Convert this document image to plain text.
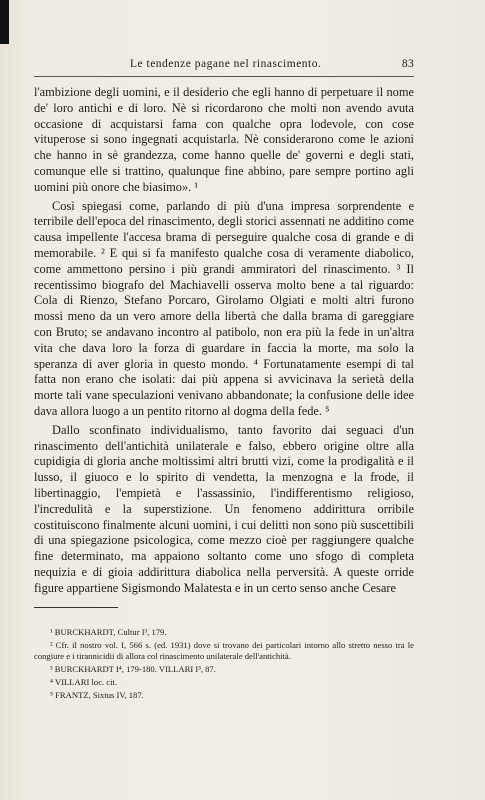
Le tendenze pagane nel rinascimento.	83

l'ambizione degli uomini, e il desiderio che egli hanno di perpetuare il nome de' loro antichi e di loro. Nè si ricordarono che molti non avendo avuta occasione di acquistarsi fama con qualche opra lodevole, con cose vituperose si sono ingegnati acquistarla. Nè considerarono come le azioni che hanno in sè grandezza, come hanno quelle de' governi e degli stati, comunque elle si trattino, qualunque fine abbino, pare sempre portino agli uomini più onore che biasimo». ¹

Così spiegasi come, parlando di più d'una impresa sorprendente e terribile dell'epoca del rinascimento, degli storici assennati ne additino come causa impellente l'accesa brama di perseguire qualche cosa di grande e di memorabile. ² E qui si fa manifesto qualche cosa di veramente diabolico, come ammettono persino i più grandi ammiratori del rinascimento. ³ Il recentissimo biografo del Machiavelli osserva molto bene a tal riguardo: Cola di Rienzo, Stefano Porcaro, Girolamo Olgiati e molti altri furono mossi meno da un vero amore della libertà che dalla brama di gareggiare con Bruto; se andavano incontro al patibolo, non era più la fede in un'altra vita che dava loro la forza di guardare in faccia la morte, ma solo la speranza di aver gloria in questo mondo. ⁴ Fortunatamente esempi di tal fatta non erano che isolati: dai più appena si avvicinava la serietà della morte tali vane speculazioni venivano abbandonate; la confusione delle idee dava allora luogo a un pentito ritorno al dogma della fede. ⁵

Dallo sconfinato individualismo, tanto favorito dai seguaci d'un rinascimento dell'antichità unilaterale e falso, ebbero origine oltre alla cupidigia di gloria anche moltissimi altri brutti vizi, come la prodigalità e il lusso, il giuoco e lo spirito di vendetta, la menzogna e la frode, il libertinaggio, l'empietà e l'assassinio, l'indifferentismo religioso, l'incredulità e la superstizione. Un fenomeno addirittura orribile costituiscono finalmente alcuni uomini, i cui delitti non sono più suscettibili di una spiegazione psicologica, come mezzo cioè per raggiungere qualche fine determinato, ma appaiono soltanto come uno sfogo di completa nequizia e di gioia addirittura diabolica nella perversità. A queste orride figure appartiene Sigismondo Malatesta e in un certo senso anche Cesare

¹ BURCKHARDT, Cultur I³, 179.

² Cfr. il nostro vol. I, 566 s. (ed. 1931) dove si trovano dei particolari intorno allo stretto nesso tra le congiure e i tirannicidii di allora col rinascimento unilaterale dell'antichità.

³ BURCKHARDT I⁴, 179-180. VILLARI I³, 87.

⁴ VILLARI loc. cit.

⁵ FRANTZ, Sixtus IV, 187.
